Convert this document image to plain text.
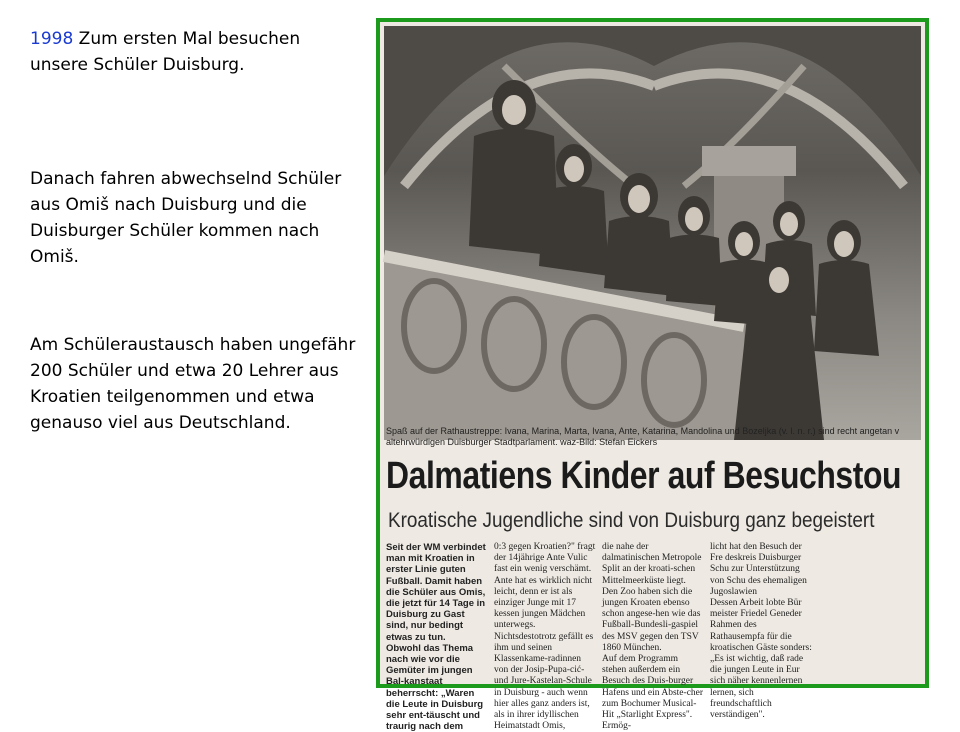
1998 Zum ersten Mal besuchen unsere Schüler Duisburg.

Danach fahren abwechselnd Schüler aus Omiš nach Duisburg und die Duisburger Schüler kommen nach Omiš.

Am Schüleraustausch haben ungefähr 200 Schüler und etwa 20 Lehrer aus Kroatien teilgenommen und etwa genauso viel aus Deutschland.	Spaß auf der Rathaustreppe: Ivana, Marina, Marta, Ivana, Ante, Katarina, Mandolina und Bozeljka (v. l. n. r.) sind recht angetan v altehrwürdigen Duisburger Stadtparlament. waz-Bild: Stefan Eickers
Dalmatiens Kinder auf Besuchstou
Kroatische Jugendliche sind von Duisburg ganz begeistert
Seit der WM verbindet man mit Kroatien in erster Linie guten Fußball. Damit haben die Schüler aus Omis, die jetzt für 14 Tage in Duisburg zu Gast sind, nur bedingt etwas zu tun.
Obwohl das Thema nach wie vor die Gemüter im jungen Bal-kanstaat beherrscht: „Waren die Leute in Duisburg sehr ent-täuscht und traurig nach dem
0:3 gegen Kroatien?" fragt der 14jährige Ante Vulic fast ein wenig verschämt. Ante hat es wirklich nicht leicht, denn er ist als einziger Junge mit 17 kessen jungen Mädchen unterwegs.
Nichtsdestotrotz gefällt es ihm und seinen Klassenkame-radinnen von der Josip-Pupa-cić- und Jure-Kastelan-Schule in Duisburg - auch wenn hier alles ganz anders ist, als in ihrer idyllischen Heimatstadt Omis,
die nahe der dalmatinischen Metropole Split an der kroati-schen Mittelmeerküste liegt. Den Zoo haben sich die jungen Kroaten ebenso schon angese-hen wie das Fußball-Bundesli-gaspiel des MSV gegen den TSV 1860 München.
Auf dem Programm stehen außerdem ein Besuch des Duis-burger Hafens und ein Abste-cher zum Bochumer Musical-Hit „Starlight Express". Ermög-
licht hat den Besuch der Fre deskreis Duisburger Schu zur Unterstützung von Schu des ehemaligen Jugoslawien
Dessen Arbeit lobte Bür meister Friedel Geneder Rahmen des Rathausempfa für die kroatischen Gäste sonders: „Es ist wichtig, daß rade die jungen Leute in Eur sich näher kennenlernen lernen, sich freundschaftlich verständigen".
